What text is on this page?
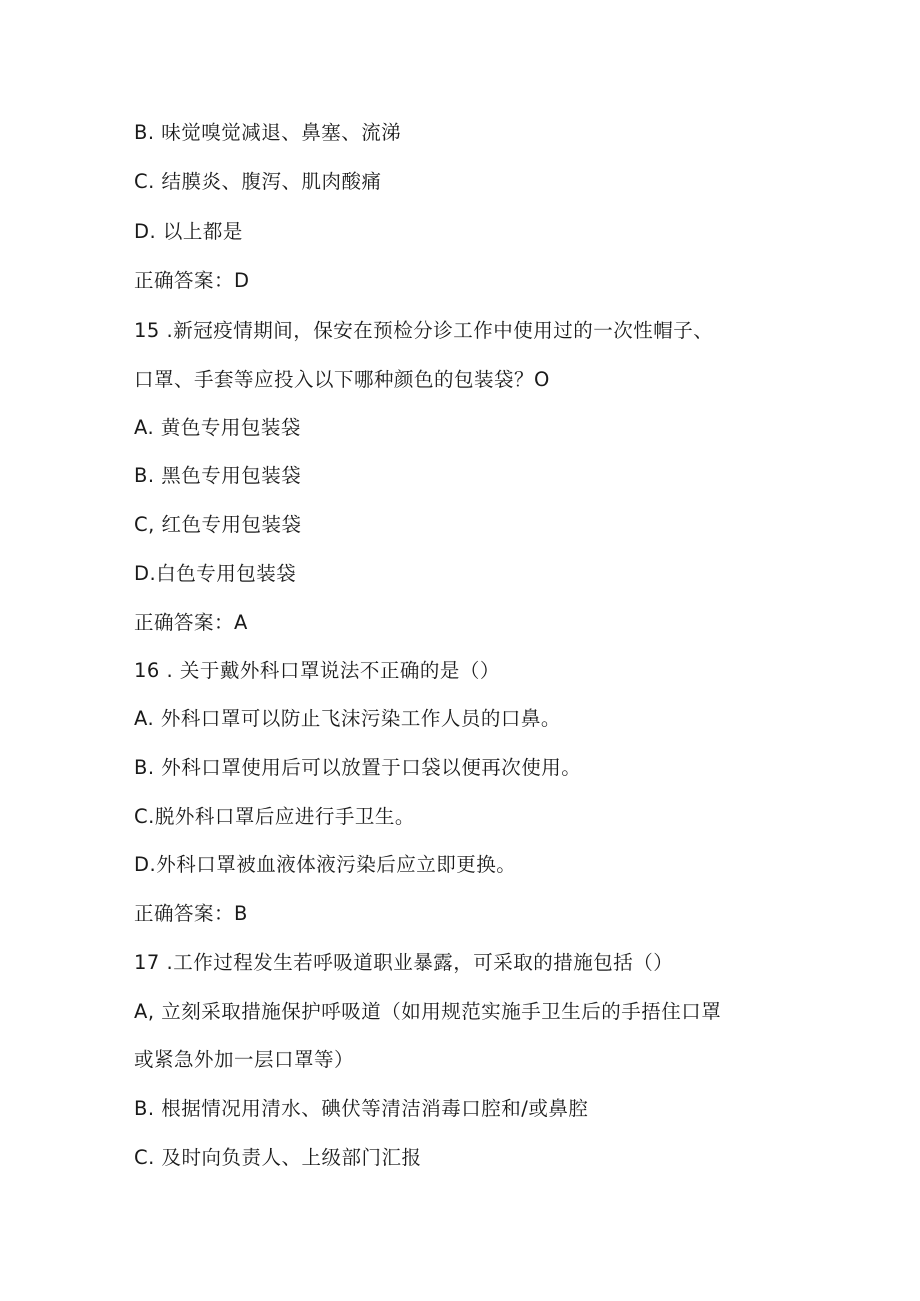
B. 味觉嗅觉减退、鼻塞、流涕
C. 结膜炎、腹泻、肌肉酸痛
D. 以上都是
正确答案：D
15 .新冠疫情期间，保安在预检分诊工作中使用过的一次性帽子、
口罩、手套等应投入以下哪种颜色的包装袋？O
A. 黄色专用包装袋
B. 黑色专用包装袋
C, 红色专用包装袋
D.白色专用包装袋
正确答案：A
16 . 关于戴外科口罩说法不正确的是（）
A. 外科口罩可以防止飞沫污染工作人员的口鼻。
B. 外科口罩使用后可以放置于口袋以便再次使用。
C.脱外科口罩后应进行手卫生。
D.外科口罩被血液体液污染后应立即更换。
正确答案：B
17 .工作过程发生若呼吸道职业暴露，可采取的措施包括（）
A, 立刻采取措施保护呼吸道（如用规范实施手卫生后的手捂住口罩
或紧急外加一层口罩等）
B. 根据情况用清水、碘伏等清洁消毒口腔和/或鼻腔
C. 及时向负责人、上级部门汇报
